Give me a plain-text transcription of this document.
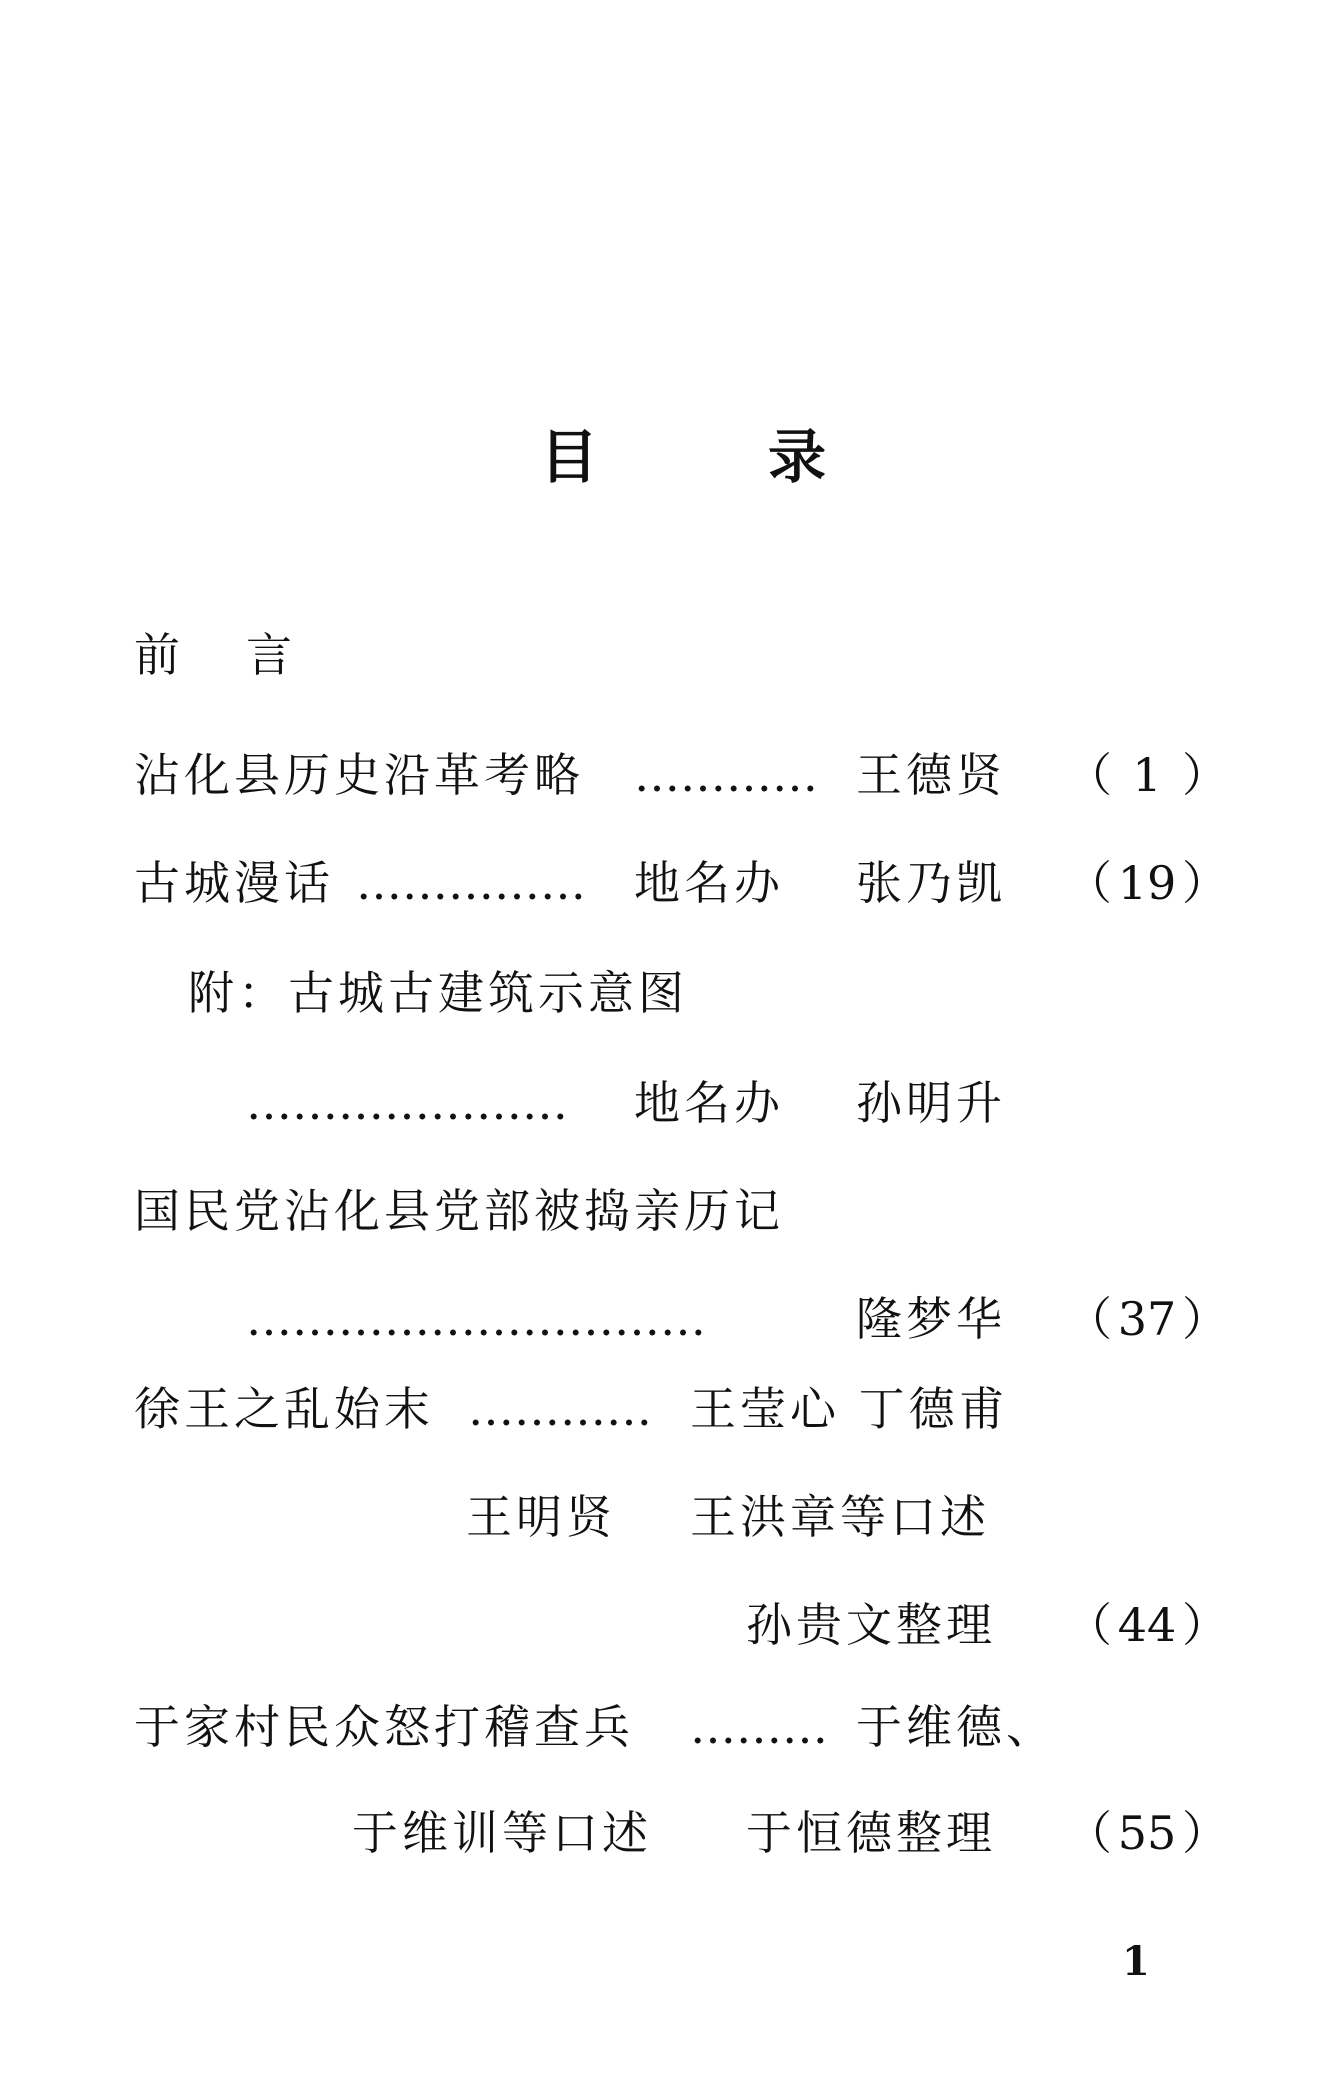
目	录
前 言
沾化县历史沿革考略 ………… 王德贤 （ 1 ）
古城漫话 …………… 地名办 张乃凯 （ 19 ）
附：古城古建筑示意图
………………… 地名办 孙明升
国民党沾化县党部被捣亲历记
…………………………	隆梦华 （ 37 ）
徐王之乱始末 ………… 王莹心 丁德甫
王明贤 王洪章等口述
孙贵文整理 （ 44 ）
于家村民众怒打稽查兵 ……… 于维德、
于维训等口述 于恒德整理 （ 55 ）
1
